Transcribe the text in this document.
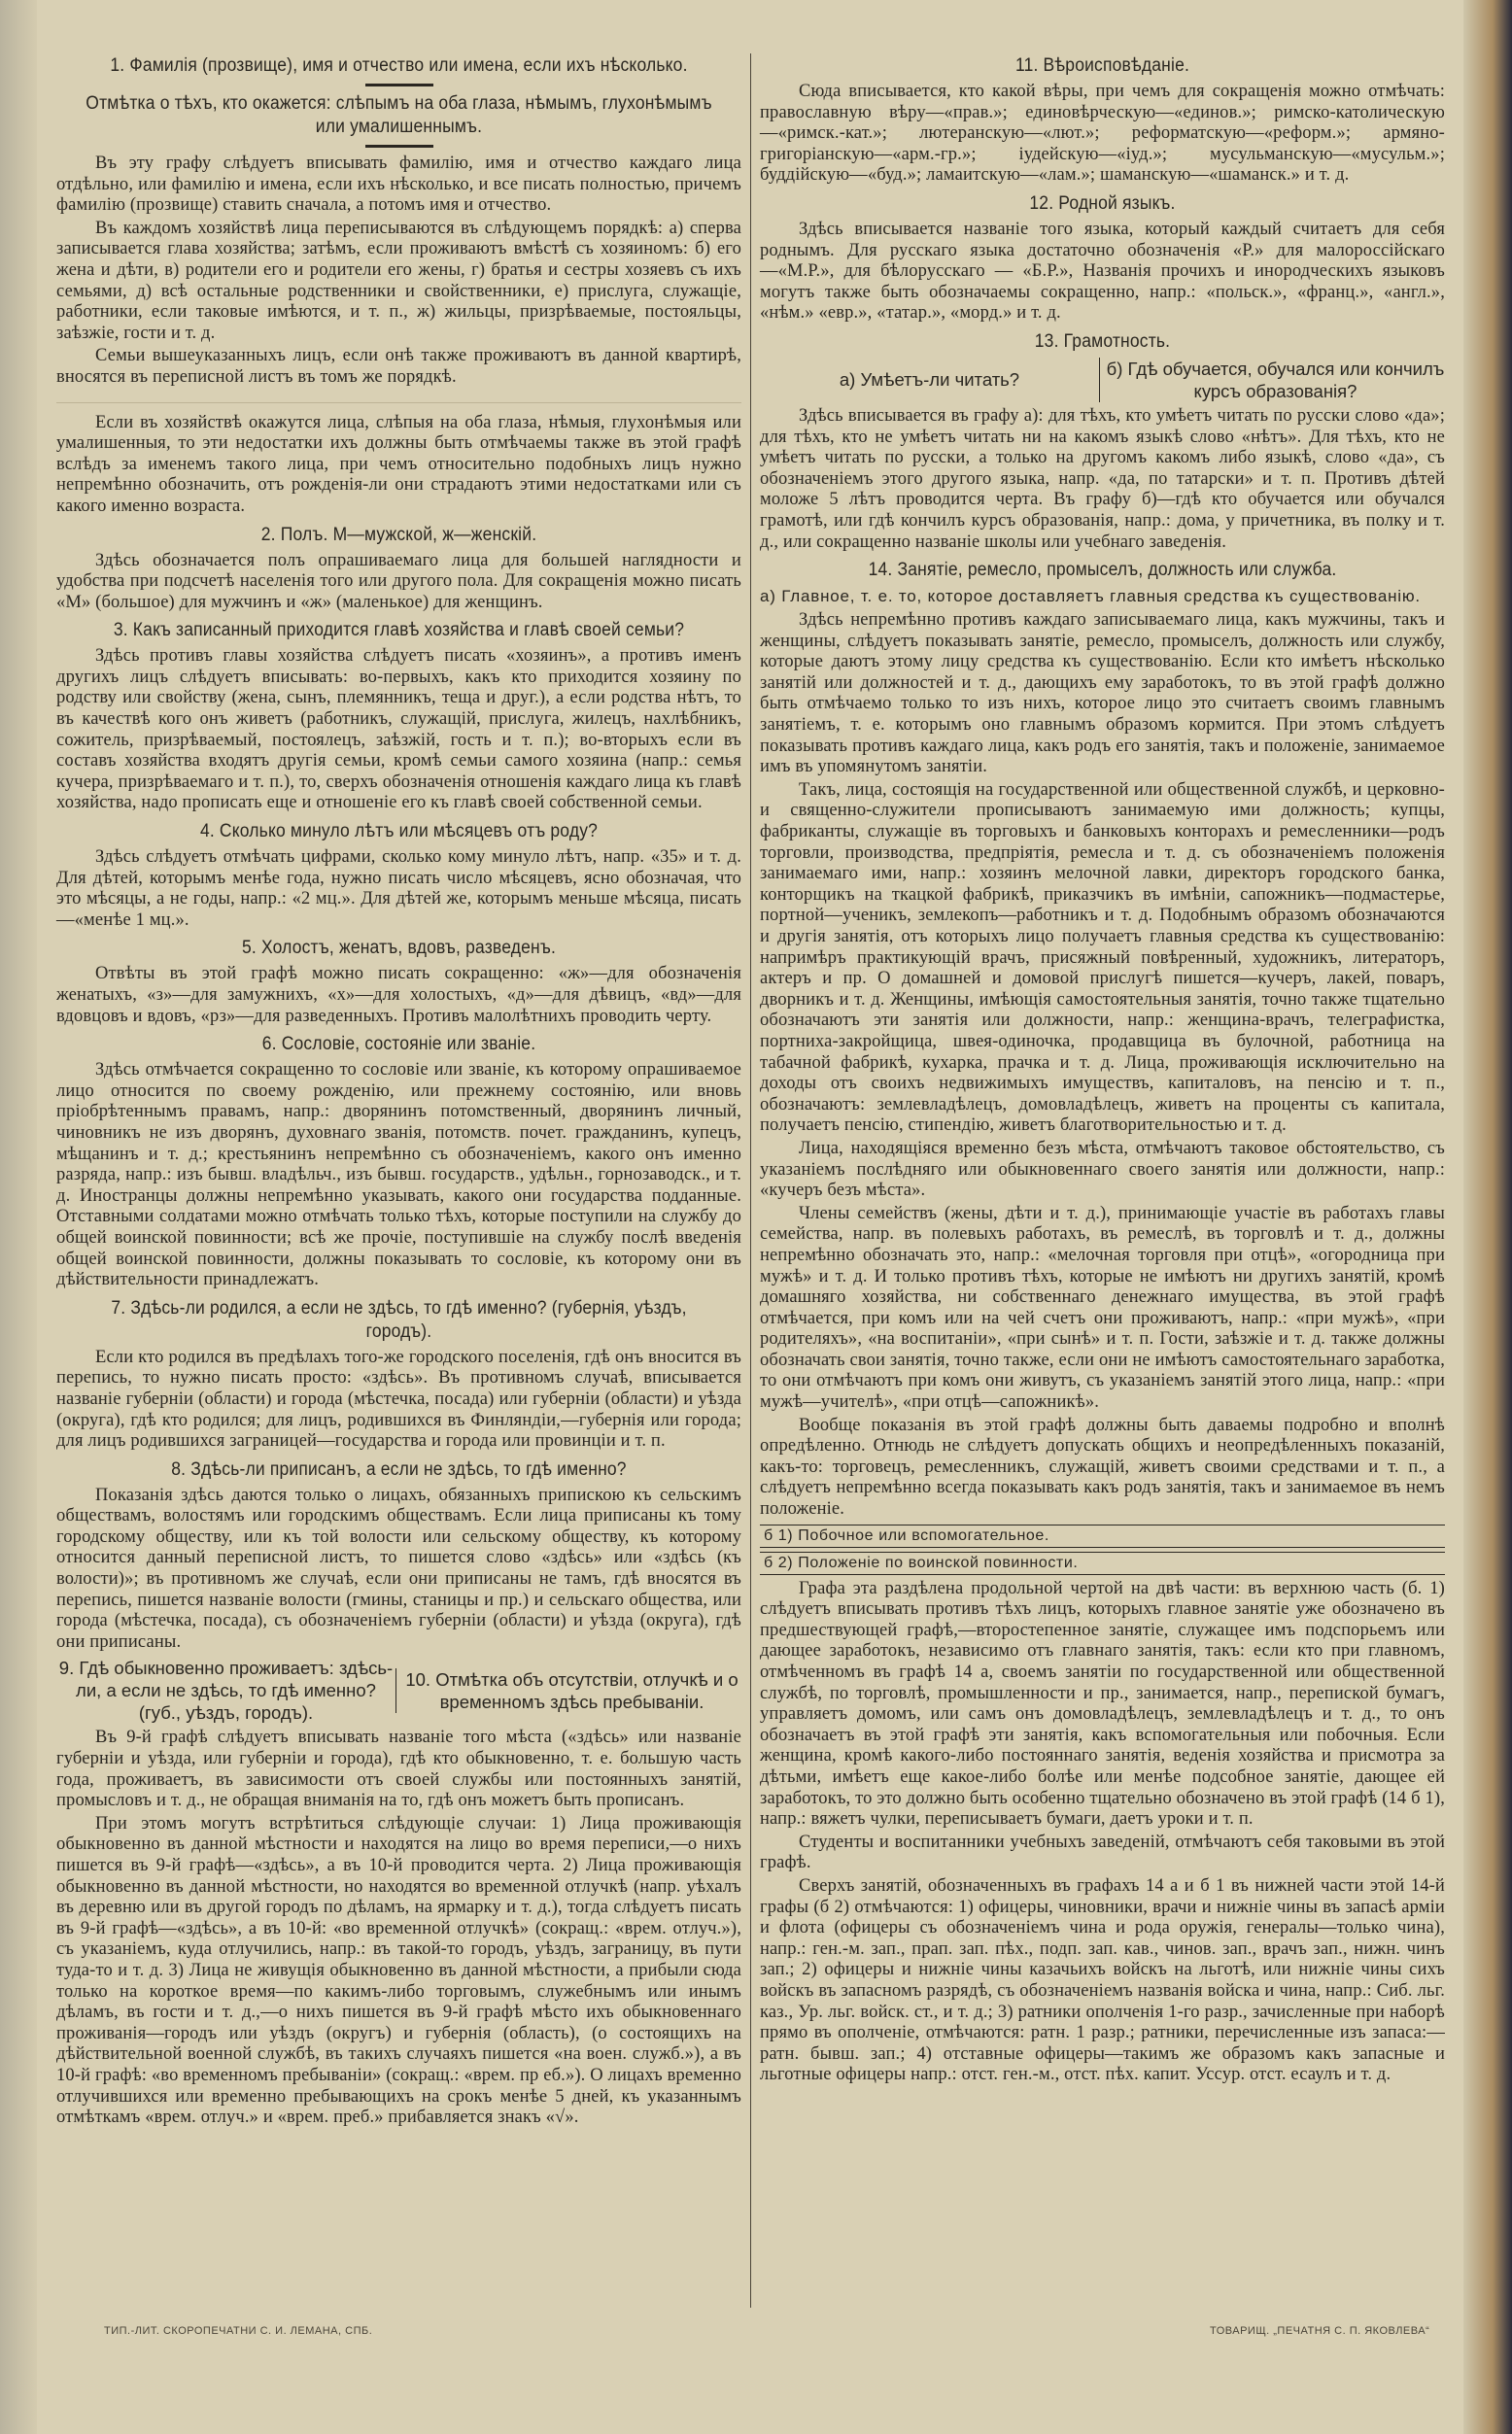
1. Фамилія (прозвище), имя и отчество или имена, если ихъ нѣсколько.
Отмѣтка о тѣхъ, кто окажется: слѣпымъ на оба глаза, нѣмымъ, глухонѣмымъ или умалишеннымъ.
Въ эту графу слѣдуетъ вписывать фамилію, имя и отчество каждаго лица отдѣльно, или фамилію и имена, если ихъ нѣсколько, и все писать полностью, причемъ фамилію (прозвище) ставить сначала, а потомъ имя и отчество.
Въ каждомъ хозяйствѣ лица переписываются въ слѣдующемъ порядкѣ: а) сперва записывается глава хозяйства; затѣмъ, если проживаютъ вмѣстѣ съ хозяиномъ: б) его жена и дѣти, в) родители его и родители его жены, г) братья и сестры хозяевъ съ ихъ семьями, д) всѣ остальные родственники и свойственники, е) прислуга, служащіе, работники, если таковые имѣются, и т. п., ж) жильцы, призрѣваемые, постояльцы, заѣзжіе, гости и т. д.
Семьи вышеуказанныхъ лицъ, если онѣ также проживаютъ въ данной квартирѣ, вносятся въ переписной листъ въ томъ же порядкѣ.
Если въ хозяйствѣ окажутся лица, слѣпыя на оба глаза, нѣмыя, глухонѣмыя или умалишенныя, то эти недостатки ихъ должны быть отмѣчаемы также въ этой графѣ вслѣдъ за именемъ такого лица, при чемъ относительно подобныхъ лицъ нужно непремѣнно обозначить, отъ рожденія-ли они страдаютъ этими недостатками или съ какого именно возраста.
2. Полъ. М—мужской, ж—женскій.
Здѣсь обозначается полъ опрашиваемаго лица для большей наглядности и удобства при подсчетѣ населенія того или другого пола. Для сокращенія можно писать «М» (большое) для мужчинъ и «ж» (маленькое) для женщинъ.
3. Какъ записанный приходится главѣ хозяйства и главѣ своей семьи?
Здѣсь противъ главы хозяйства слѣдуетъ писать «хозяинъ», а противъ именъ другихъ лицъ слѣдуетъ вписывать: во-первыхъ, какъ кто приходится хозяину по родству или свойству (жена, сынъ, племянникъ, теща и друг.), а если родства нѣтъ, то въ качествѣ кого онъ живетъ (работникъ, служащій, прислуга, жилецъ, нахлѣбникъ, сожитель, призрѣваемый, постоялецъ, заѣзжій, гость и т. п.); во-вторыхъ если въ составъ хозяйства входятъ другія семьи, кромѣ семьи самого хозяина (напр.: семья кучера, призрѣваемаго и т. п.), то, сверхъ обозначенія отношенія каждаго лица къ главѣ хозяйства, надо прописать еще и отношеніе его къ главѣ своей собственной семьи.
4. Сколько минуло лѣтъ или мѣсяцевъ отъ роду?
Здѣсь слѣдуетъ отмѣчать цифрами, сколько кому минуло лѣтъ, напр. «35» и т. д. Для дѣтей, которымъ менѣе года, нужно писать число мѣсяцевъ, ясно обозначая, что это мѣсяцы, а не годы, напр.: «2 мц.». Для дѣтей же, которымъ меньше мѣсяца, писать—«менѣе 1 мц.».
5. Холостъ, женатъ, вдовъ, разведенъ.
Отвѣты въ этой графѣ можно писать сокращенно: «ж»—для обозначенія женатыхъ, «з»—для замужнихъ, «х»—для холостыхъ, «д»—для дѣвицъ, «вд»—для вдовцовъ и вдовъ, «рз»—для разведенныхъ. Противъ малолѣтнихъ проводить черту.
6. Сословіе, состояніе или званіе.
Здѣсь отмѣчается сокращенно то сословіе или званіе, къ которому опрашиваемое лицо относится по своему рожденію, или прежнему состоянію, или вновь пріобрѣтеннымъ правамъ, напр.: дворянинъ потомственный, дворянинъ личный, чиновникъ не изъ дворянъ, духовнаго званія, потомств. почет. гражданинъ, купецъ, мѣщанинъ и т. д.; крестьянинъ непремѣнно съ обозначеніемъ, какого онъ именно разряда, напр.: изъ бывш. владѣльч., изъ бывш. государств., удѣльн., горнозаводск., и т. д. Иностранцы должны непремѣнно указывать, какого они государства подданные. Отставными солдатами можно отмѣчать только тѣхъ, которые поступили на службу до общей воинской повинности; всѣ же прочіе, поступившіе на службу послѣ введенія общей воинской повинности, должны показывать то сословіе, къ которому они въ дѣйствительности принадлежатъ.
7. Здѣсь-ли родился, а если не здѣсь, то гдѣ именно? (губернія, уѣздъ, городъ).
Если кто родился въ предѣлахъ того-же городского поселенія, гдѣ онъ вносится въ перепись, то нужно писать просто: «здѣсь». Въ противномъ случаѣ, вписывается названіе губерніи (области) и города (мѣстечка, посада) или губерніи (области) и уѣзда (округа), гдѣ кто родился; для лицъ, родившихся въ Финляндіи,—губернія или города; для лицъ родившихся заграницей—государства и города или провинціи и т. п.
8. Здѣсь-ли приписанъ, а если не здѣсь, то гдѣ именно?
Показанія здѣсь даются только о лицахъ, обязанныхъ припискою къ сельскимъ обществамъ, волостямъ или городскимъ обществамъ. Если лица приписаны къ тому городскому обществу, или къ той волости или сельскому обществу, къ которому относится данный переписной листъ, то пишется слово «здѣсь» или «здѣсь (къ волости)»; въ противномъ же случаѣ, если они приписаны не тамъ, гдѣ вносятся въ перепись, пишется названіе волости (гмины, станицы и пр.) и сельскаго общества, или города (мѣстечка, посада), съ обозначеніемъ губерніи (области) и уѣзда (округа), гдѣ они приписаны.
9. Гдѣ обыкновенно проживаетъ: здѣсь-ли, а если не здѣсь, то гдѣ именно? (губ., уѣздъ, городъ).
10. Отмѣтка объ отсутствіи, отлучкѣ и о временномъ здѣсь пребываніи.
Въ 9-й графѣ слѣдуетъ вписывать названіе того мѣста («здѣсь» или названіе губерніи и уѣзда, или губерніи и города), гдѣ кто обыкновенно, т. е. большую часть года, проживаетъ, въ зависимости отъ своей службы или постоянныхъ занятій, промысловъ и т. д., не обращая вниманія на то, гдѣ онъ можетъ быть прописанъ.
При этомъ могутъ встрѣтиться слѣдующіе случаи: 1) Лица проживающія обыкновенно въ данной мѣстности и находятся на лицо во время переписи,—о нихъ пишется въ 9-й графѣ—«здѣсь», а въ 10-й проводится черта. 2) Лица проживающія обыкновенно въ данной мѣстности, но находятся во временной отлучкѣ (напр. уѣхалъ въ деревню или въ другой городъ по дѣламъ, на ярмарку и т. д.), тогда слѣдуетъ писать въ 9-й графѣ—«здѣсь», а въ 10-й: «во временной отлучкѣ» (сокращ.: «врем. отлуч.»), съ указаніемъ, куда отлучились, напр.: въ такой-то городъ, уѣздъ, заграницу, въ пути туда-то и т. д. 3) Лица не живущія обыкновенно въ данной мѣстности, а прибыли сюда только на короткое время—по какимъ-либо торговымъ, служебнымъ или инымъ дѣламъ, въ гости и т. д.,—о нихъ пишется въ 9-й графѣ мѣсто ихъ обыкновеннаго проживанія—городъ или уѣздъ (округъ) и губернія (область), (о состоящихъ на дѣйствительной военной службѣ, въ такихъ случаяхъ пишется «на воен. служб.»), а въ 10-й графѣ: «во временномъ пребываніи» (сокращ.: «врем. пр еб.»). О лицахъ временно отлучившихся или временно пребывающихъ на срокъ менѣе 5 дней, къ указаннымъ отмѣткамъ «врем. отлуч.» и «врем. преб.» прибавляется знакъ «√».
11. Вѣроисповѣданіе.
Сюда вписывается, кто какой вѣры, при чемъ для сокращенія можно отмѣчать: православную вѣру—«прав.»; единовѣрческую—«единов.»; римско-католическую—«римск.-кат.»; лютеранскую—«лют.»; реформатскую—«реформ.»; армяно-григоріанскую—«арм.-гр.»; іудейскую—«іуд.»; мусульманскую—«мусульм.»; буддійскую—«буд.»; ламаитскую—«лам.»; шаманскую—«шаманск.» и т. д.
12. Родной языкъ.
Здѣсь вписывается названіе того языка, который каждый считаетъ для себя роднымъ. Для русскаго языка достаточно обозначенія «Р.» для малороссійскаго—«М.Р.», для бѣлорусскаго — «Б.Р.», Названія прочихъ и инородческихъ языковъ могутъ также быть обозначаемы сокращенно, напр.: «польск.», «франц.», «англ.», «нѣм.» «евр.», «татар.», «морд.» и т. д.
13. Грамотность.
а) Умѣетъ-ли читать?
б) Гдѣ обучается, обучался или кончилъ курсъ образованія?
Здѣсь вписывается въ графу а): для тѣхъ, кто умѣетъ читать по русски слово «да»; для тѣхъ, кто не умѣетъ читать ни на какомъ языкѣ слово «нѣтъ». Для тѣхъ, кто не умѣетъ читать по русски, а только на другомъ какомъ либо языкѣ, слово «да», съ обозначеніемъ этого другого языка, напр. «да, по татарски» и т. п. Противъ дѣтей моложе 5 лѣтъ проводится черта. Въ графу б)—гдѣ кто обучается или обучался грамотѣ, или гдѣ кончилъ курсъ образованія, напр.: дома, у причетника, въ полку и т. д., или сокращенно названіе школы или учебнаго заведенія.
14. Занятіе, ремесло, промыселъ, должность или служба.
а) Главное, т. е. то, которое доставляетъ главныя средства къ существованію.
Здѣсь непремѣнно противъ каждаго записываемаго лица, какъ мужчины, такъ и женщины, слѣдуетъ показывать занятіе, ремесло, промыселъ, должность или службу, которые даютъ этому лицу средства къ существованію. Если кто имѣетъ нѣсколько занятій или должностей и т. д., дающихъ ему заработокъ, то въ этой графѣ должно быть отмѣчаемо только то изъ нихъ, которое лицо это считаетъ своимъ главнымъ занятіемъ, т. е. которымъ оно главнымъ образомъ кормится. При этомъ слѣдуетъ показывать противъ каждаго лица, какъ родъ его занятія, такъ и положеніе, занимаемое имъ въ упомянутомъ занятіи.
Такъ, лица, состоящія на государственной или общественной службѣ, и церковно- и священно-служители прописываютъ занимаемую ими должность; купцы, фабриканты, служащіе въ торговыхъ и банковыхъ конторахъ и ремесленники—родъ торговли, производства, предпріятія, ремесла и т. д. съ обозначеніемъ положенія занимаемаго ими, напр.: хозяинъ мелочной лавки, директоръ городского банка, конторщикъ на ткацкой фабрикѣ, приказчикъ въ имѣніи, сапожникъ—подмастерье, портной—ученикъ, землекопъ—работникъ и т. д. Подобнымъ образомъ обозначаются и другія занятія, отъ которыхъ лицо получаетъ главныя средства къ существованію: напримѣръ практикующій врачъ, присяжный повѣренный, художникъ, литераторъ, актеръ и пр. О домашней и домовой прислугѣ пишется—кучеръ, лакей, поваръ, дворникъ и т. д. Женщины, имѣющія самостоятельныя занятія, точно также тщательно обозначаютъ эти занятія или должности, напр.: женщина-врачъ, телеграфистка, портниха-закройщица, швея-одиночка, продавщица въ булочной, работница на табачной фабрикѣ, кухарка, прачка и т. д. Лица, проживающія исключительно на доходы отъ своихъ недвижимыхъ имуществъ, капиталовъ, на пенсію и т. п., обозначаютъ: землевладѣлецъ, домовладѣлецъ, живетъ на проценты съ капитала, получаетъ пенсію, стипендію, живетъ благотворительностью и т. д.
Лица, находящіяся временно безъ мѣста, отмѣчаютъ таковое обстоятельство, съ указаніемъ послѣдняго или обыкновеннаго своего занятія или должности, напр.: «кучеръ безъ мѣста».
Члены семействъ (жены, дѣти и т. д.), принимающіе участіе въ работахъ главы семейства, напр. въ полевыхъ работахъ, въ ремеслѣ, въ торговлѣ и т. д., должны непремѣнно обозначать это, напр.: «мелочная торговля при отцѣ», «огородница при мужѣ» и т. д. И только противъ тѣхъ, которые не имѣютъ ни другихъ занятій, кромѣ домашняго хозяйства, ни собственнаго денежнаго имущества, въ этой графѣ отмѣчается, при комъ или на чей счетъ они проживаютъ, напр.: «при мужѣ», «при родителяхъ», «на воспитаніи», «при сынѣ» и т. п. Гости, заѣзжіе и т. д. также должны обозначать свои занятія, точно также, если они не имѣютъ самостоятельнаго заработка, то они отмѣчаютъ при комъ они живутъ, съ указаніемъ занятій этого лица, напр.: «при мужѣ—учителѣ», «при отцѣ—сапожникѣ».
Вообще показанія въ этой графѣ должны быть даваемы подробно и вполнѣ опредѣленно. Отнюдь не слѣдуетъ допускать общихъ и неопредѣленныхъ показаній, какъ-то: торговецъ, ремесленникъ, служащій, живетъ своими средствами и т. п., а слѣдуетъ непремѣнно всегда показывать какъ родъ занятія, такъ и занимаемое въ немъ положеніе.
б 1) Побочное или вспомогательное.
б 2) Положеніе по воинской повинности.
Графа эта раздѣлена продольной чертой на двѣ части: въ верхнюю часть (б. 1) слѣдуетъ вписывать противъ тѣхъ лицъ, которыхъ главное занятіе уже обозначено въ предшествующей графѣ,—второстепенное занятіе, служащее имъ подспорьемъ или дающее заработокъ, независимо отъ главнаго занятія, такъ: если кто при главномъ, отмѣченномъ въ графѣ 14 а, своемъ занятіи по государственной или общественной службѣ, по торговлѣ, промышленности и пр., занимается, напр., перепиской бумагъ, управляетъ домомъ, или самъ онъ домовладѣлецъ, землевладѣлецъ и т. д., то онъ обозначаетъ въ этой графѣ эти занятія, какъ вспомогательныя или побочныя. Если женщина, кромѣ какого-либо постояннаго занятія, веденія хозяйства и присмотра за дѣтьми, имѣетъ еще какое-либо болѣе или менѣе подсобное занятіе, дающее ей заработокъ, то это должно быть особенно тщательно обозначено въ этой графѣ (14 б 1), напр.: вяжетъ чулки, переписываетъ бумаги, даетъ уроки и т. п.
Студенты и воспитанники учебныхъ заведеній, отмѣчаютъ себя таковыми въ этой графѣ.
Сверхъ занятій, обозначенныхъ въ графахъ 14 а и б 1 въ нижней части этой 14-й графы (б 2) отмѣчаются: 1) офицеры, чиновники, врачи и нижніе чины въ запасѣ арміи и флота (офицеры съ обозначеніемъ чина и рода оружія, генералы—только чина), напр.: ген.-м. зап., прап. зап. пѣх., подп. зап. кав., чинов. зап., врачъ зап., нижн. чинъ зап.; 2) офицеры и нижніе чины казачьихъ войскъ на льготѣ, или нижніе чины сихъ войскъ въ запасномъ разрядѣ, съ обозначеніемъ названія войска и чина, напр.: Сиб. льг. каз., Ур. льг. войск. ст., и т. д.; 3) ратники ополченія 1-го разр., зачисленные при наборѣ прямо въ ополченіе, отмѣчаются: ратн. 1 разр.; ратники, перечисленные изъ запаса:—ратн. бывш. зап.; 4) отставные офицеры—такимъ же образомъ какъ запасные и льготные офицеры напр.: отст. ген.-м., отст. пѣх. капит. Уссур. отст. есаулъ и т. д.
ТИП.-ЛИТ. СКОРОПЕЧАТНИ С. И. ЛЕМАНА, СПБ.	ТОВАРИЩ. „ПЕЧАТНЯ С. П. ЯКОВЛЕВА“
